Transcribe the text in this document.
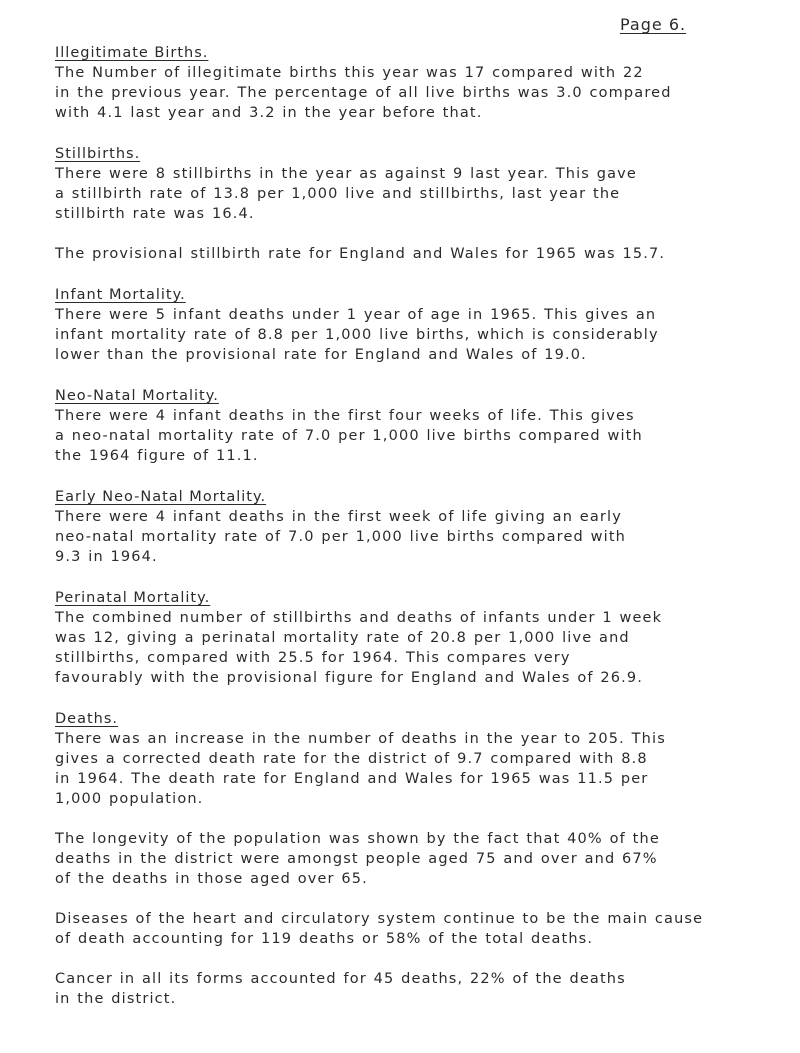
Page 6.
Illegitimate Births.

The Number of illegitimate births this year was 17 compared with 22

in the previous year. The percentage of all live births was 3.0 compared

with 4.1 last year and 3.2 in the year before that.

Stillbirths.

There were 8 stillbirths in the year as against 9 last year. This gave

a stillbirth rate of 13.8 per 1,000 live and stillbirths, last year the

stillbirth rate was 16.4.

The provisional stillbirth rate for England and Wales for 1965 was 15.7.

Infant Mortality.

There were 5 infant deaths under 1 year of age in 1965. This gives an

infant mortality rate of 8.8 per 1,000 live births, which is considerably

lower than the provisional rate for England and Wales of 19.0.

Neo-Natal Mortality.

There were 4 infant deaths in the first four weeks of life. This gives

a neo-natal mortality rate of 7.0 per 1,000 live births compared with

the 1964 figure of 11.1.

Early Neo-Natal Mortality.

There were 4 infant deaths in the first week of life giving an early

neo-natal mortality rate of 7.0 per 1,000 live births compared with

9.3 in 1964.

Perinatal Mortality.

The combined number of stillbirths and deaths of infants under 1 week

was 12, giving a perinatal mortality rate of 20.8 per 1,000 live and

stillbirths, compared with 25.5 for 1964. This compares very

favourably with the provisional figure for England and Wales of 26.9.

Deaths.

There was an increase in the number of deaths in the year to 205. This

gives a corrected death rate for the district of 9.7 compared with 8.8

in 1964. The death rate for England and Wales for 1965 was 11.5 per

1,000 population.

The longevity of the population was shown by the fact that 40% of the

deaths in the district were amongst people aged 75 and over and 67%

of the deaths in those aged over 65.

Diseases of the heart and circulatory system continue to be the main cause

of death accounting for 119 deaths or 58% of the total deaths.

Cancer in all its forms accounted for 45 deaths, 22% of the deaths

in the district.
